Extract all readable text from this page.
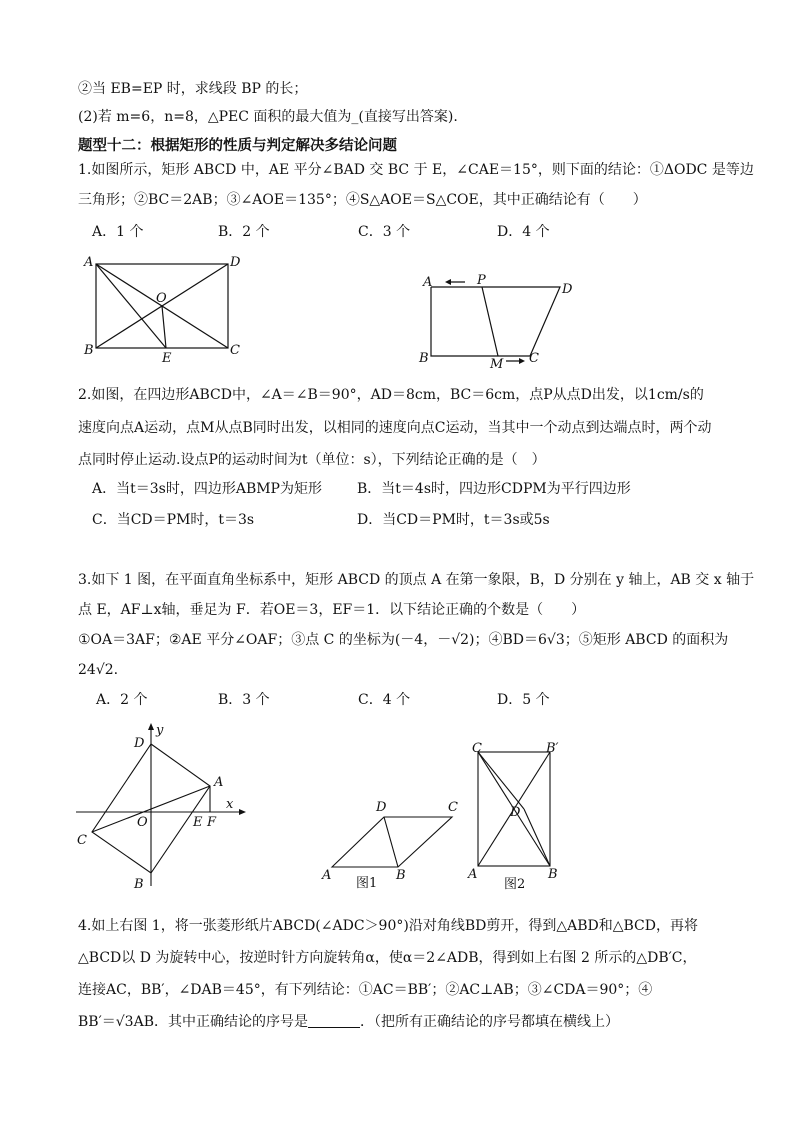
②当 EB=EP 时，求线段 BP 的长；
(2)若 m=6，n=8，△PEC 面积的最大值为_(直接写出答案).
题型十二：根据矩形的性质与判定解决多结论问题
1.如图所示，矩形 ABCD 中，AE 平分∠BAD 交 BC 于 E，∠CAE＝15°，则下面的结论：①ΔODC 是等边
三角形；②BC＝2AB；③∠AOE＝135°；④S△AOE＝S△COE，其中正确结论有（　　）
A．1 个	B．2 个	C．3 个	D．4 个
A	D
B	C
O
E
A	P
D
B	M C
2.如图，在四边形ABCD中，∠A＝∠B＝90°，AD＝8cm，BC＝6cm，点P从点D出发，以1cm/s的
速度向点A运动，点M从点B同时出发，以相同的速度向点C运动，当其中一个动点到达端点时，两个动
点同时停止运动.设点P的运动时间为t（单位：s），下列结论正确的是（　）
A．当t＝3s时，四边形ABMP为矩形	B．当t＝4s时，四边形CDPM为平行四边形
C．当CD＝PM时，t＝3s	D．当CD＝PM时，t＝3s或5s
3.如下 1 图，在平面直角坐标系中，矩形 ABCD 的顶点 A 在第一象限，B，D 分别在 y 轴上，AB 交 x 轴于
点 E，AF⊥x轴，垂足为 F．若OE＝3，EF＝1．以下结论正确的个数是（　　）
①OA＝3AF；②AE 平分∠OAF；③点 C 的坐标为(－4，－√2)；④BD＝6√3；⑤矩形 ABCD 的面积为
24√2.
A．2 个	B．3 个	C．4 个	D．5 个
D
y
A
x
O	E F
C
B
D	C
A	B
图1
C	B′
D
A	B
图2
4.如上右图 1，将一张菱形纸片ABCD(∠ADC＞90°)沿对角线BD剪开，得到△ABD和△BCD，再将
△BCD以 D 为旋转中心，按逆时针方向旋转角α，使α＝2∠ADB，得到如上右图 2 所示的△DB′C，
连接AC，BB′，∠DAB＝45°，有下列结论：①AC＝BB′；②AC⊥AB；③∠CDA＝90°；④
BB′＝√3AB．其中正确结论的序号是	．（把所有正确结论的序号都填在横线上）
